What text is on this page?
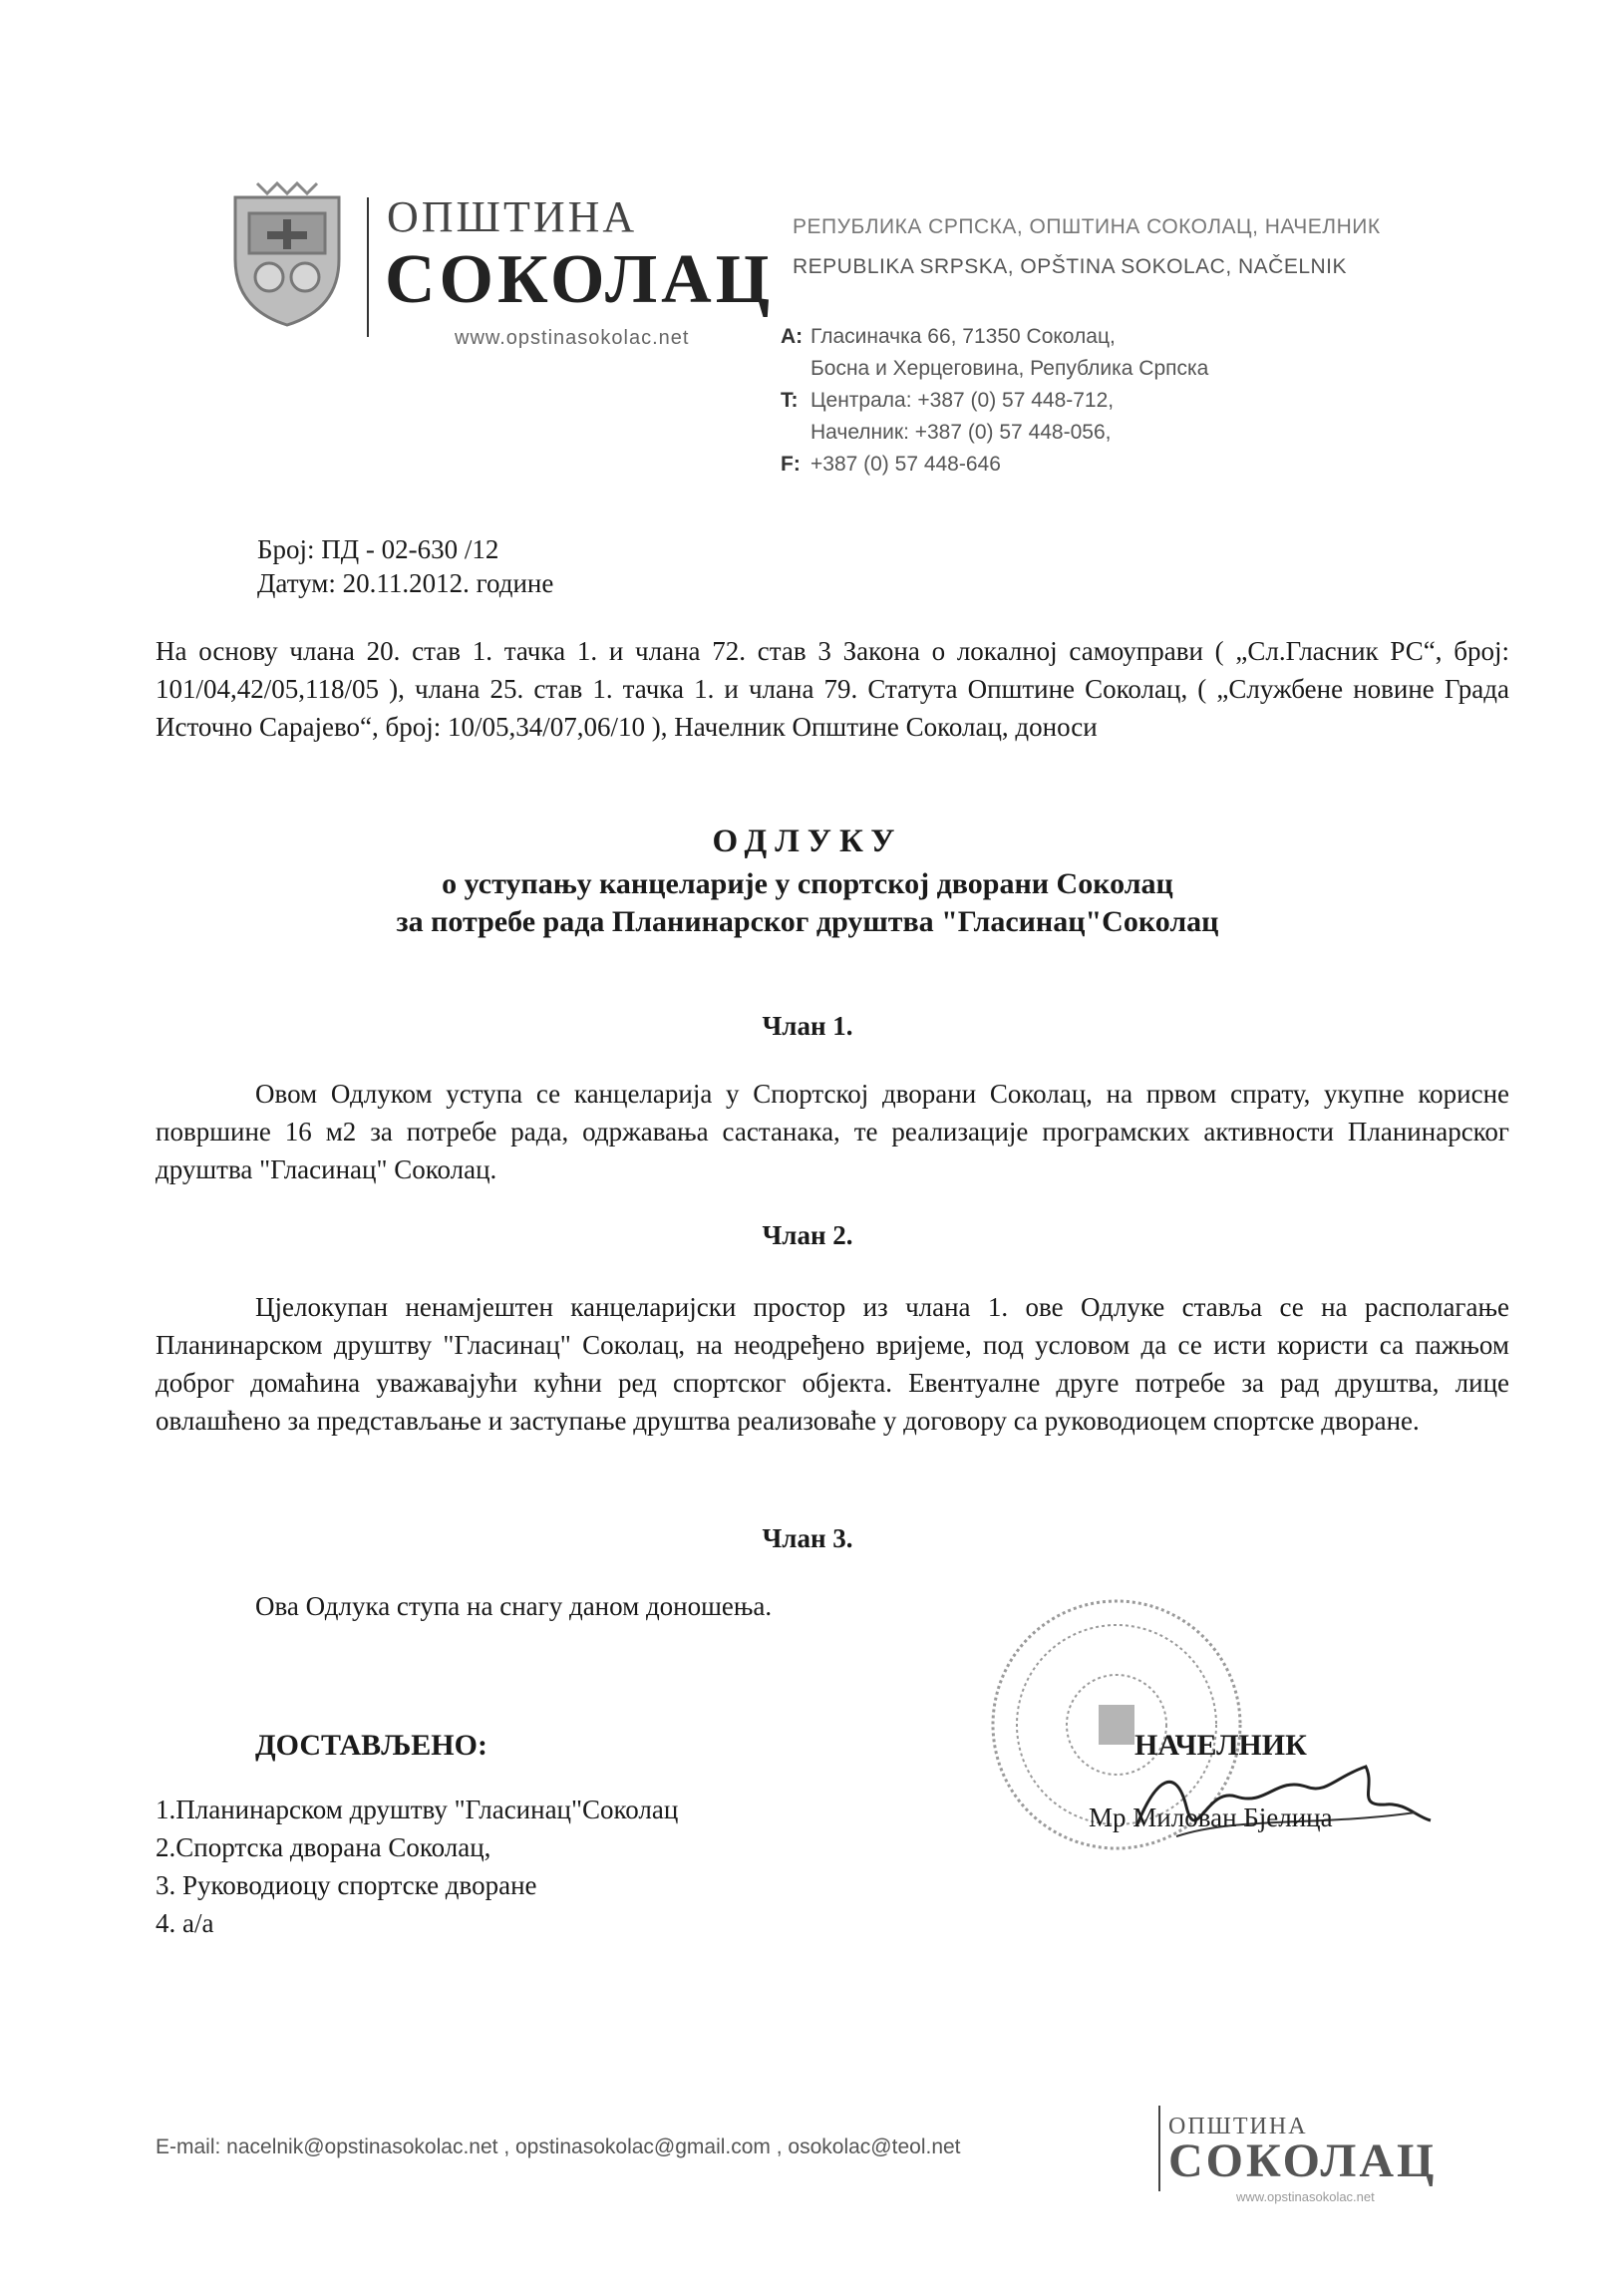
ОПШТИНА
СОКОЛАЦ
www.opstinasokolac.net
РЕПУБЛИКА СРПСКА, ОПШТИНА СОКОЛАЦ, НАЧЕЛНИК
REPUBLIKA SRPSKA, OPŠTINA SOKOLAC, NAČELNIK
A: Гласиначка 66, 71350 Соколац,
Босна и Херцеговина, Република Српска
T: Централа: +387 (0) 57 448-712,
Начелник: +387 (0) 57 448-056,
F: +387 (0) 57 448-646
Број: ПД - 02-630 /12
Датум: 20.11.2012. године
На основу члана 20. став 1. тачка 1. и члана 72. став 3 Закона о локалној самоуправи ( „Сл.Гласник РС“, број: 101/04,42/05,118/05 ), члана 25. став 1. тачка 1. и члана 79. Статута Општине Соколац, ( „Службене новине Града Источно Сарајево“, број: 10/05,34/07,06/10 ), Начелник Општине Соколац, доноси
ОДЛУКУ
о уступању канцеларије у спортској дворани Соколац
за потребе рада Планинарског друштва "Гласинац"Соколац
Члан 1.
Овом Одлуком уступа се канцеларија у Спортској дворани Соколац, на првом спрату, укупне корисне површине 16 м2 за потребе рада, одржавања састанака, те реализације програмских активности Планинарског друштва "Гласинац" Соколац.
Члан 2.
Цјелокупан ненамјештен канцеларијски простор из члана 1. ове Одлуке ставља се на располагање Планинарском друштву "Гласинац" Соколац, на неодређено вријеме, под условом да се исти користи са пажњом доброг домаћина уважавајући кућни ред спортског објекта. Евентуалне друге потребе за рад друштва, лице овлашћено за представљање и заступање друштва реализоваће у договору са руководиоцем спортске дворане.
Члан 3.
Ова Одлука ступа на снагу даном доношења.
ДОСТАВЉЕНО:
1.Планинарском друштву "Гласинац"Соколац
2.Спортска дворана Соколац,
3. Руководиоцу спортске дворане
4. а/а
НАЧЕЛНИК
Мр Милован Бјелица
E-mail: nacelnik@opstinasokolac.net , opstinasokolac@gmail.com , osokolac@teol.net
ОПШТИНА
СОКОЛАЦ
www.opstinasokolac.net
